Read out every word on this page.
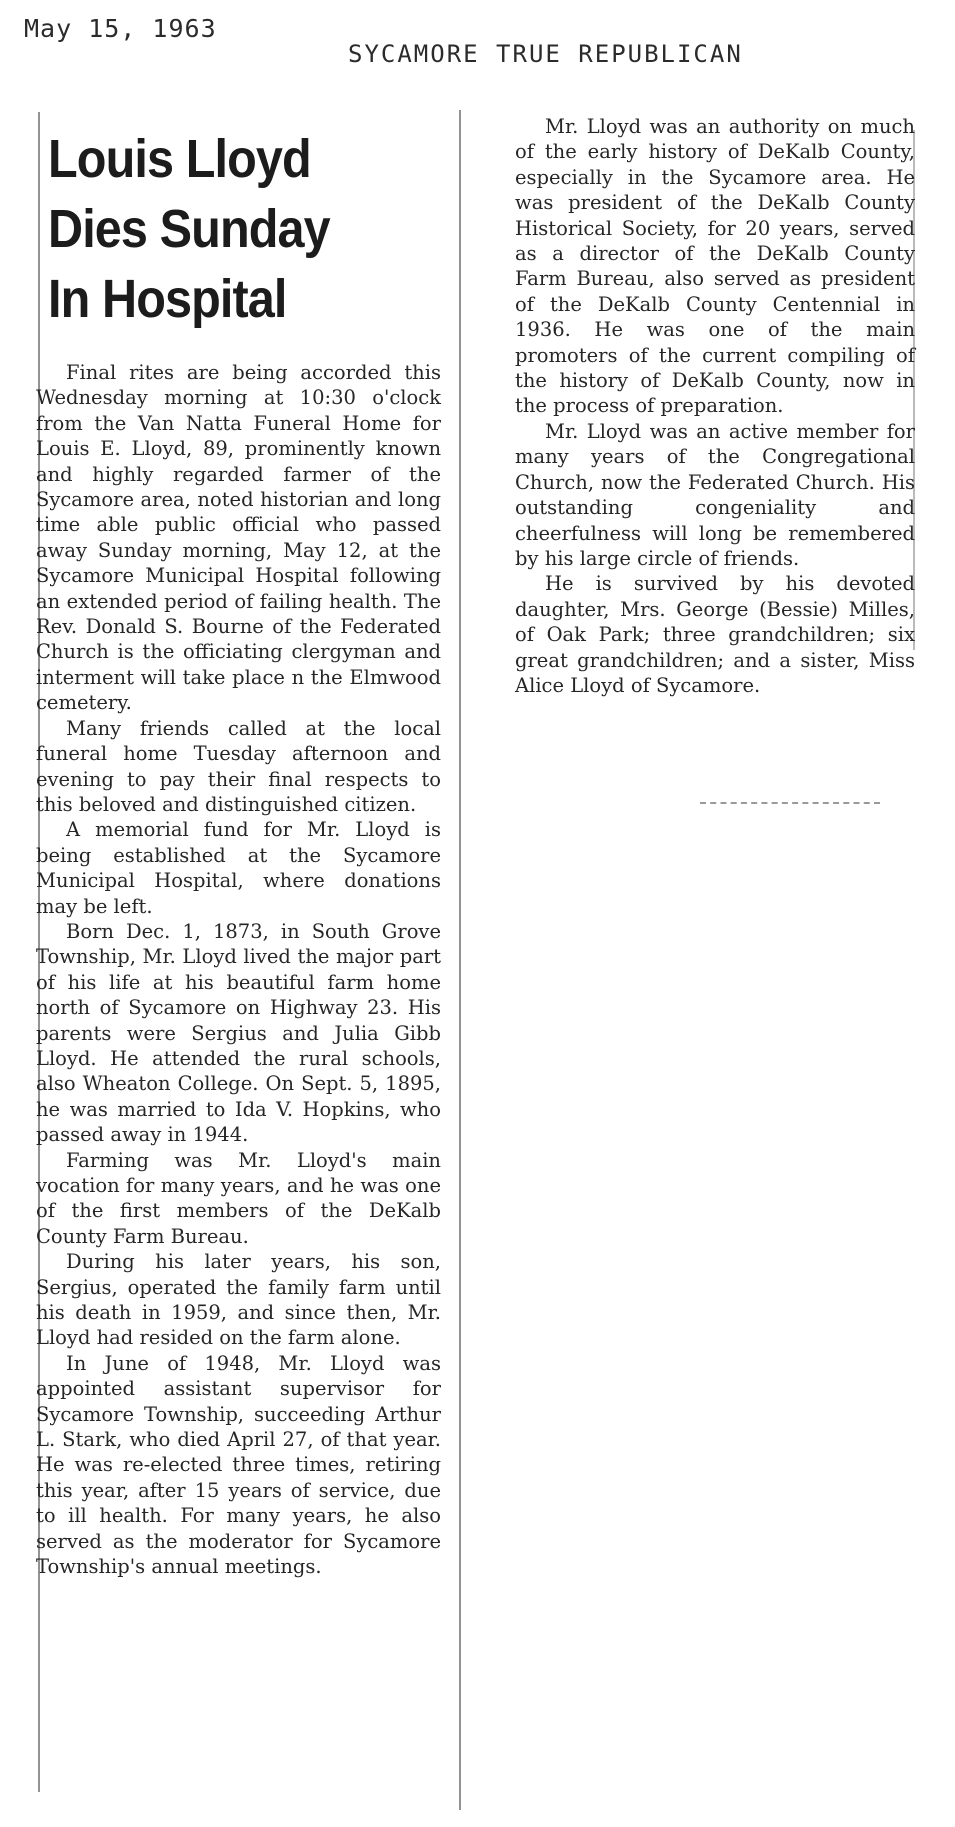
May 15, 1963
SYCAMORE TRUE REPUBLICAN
Louis Lloyd
Dies Sunday
In Hospital

Final rites are being accorded this Wednesday morning at 10:30 o'clock from the Van Natta Funeral Home for Louis E. Lloyd, 89, prominently known and highly regarded farmer of the Sycamore area, noted historian and long time able public official who passed away Sunday morning, May 12, at the Sycamore Municipal Hospital following an extended period of failing health. The Rev. Donald S. Bourne of the Federated Church is the officiating clergyman and interment will take place n the Elmwood cemetery.

Many friends called at the local funeral home Tuesday afternoon and evening to pay their final respects to this beloved and distinguished citizen.

A memorial fund for Mr. Lloyd is being established at the Sycamore Municipal Hospital, where donations may be left.

Born Dec. 1, 1873, in South Grove Township, Mr. Lloyd lived the major part of his life at his beautiful farm home north of Sycamore on Highway 23. His parents were Sergius and Julia Gibb Lloyd. He attended the rural schools, also Wheaton College. On Sept. 5, 1895, he was married to Ida V. Hopkins, who passed away in 1944.

Farming was Mr. Lloyd's main vocation for many years, and he was one of the first members of the DeKalb County Farm Bureau.

During his later years, his son, Sergius, operated the family farm until his death in 1959, and since then, Mr. Lloyd had resided on the farm alone.

In June of 1948, Mr. Lloyd was appointed assistant supervisor for Sycamore Township, succeeding Arthur L. Stark, who died April 27, of that year. He was re-elected three times, retiring this year, after 15 years of service, due to ill health. For many years, he also served as the moderator for Sycamore Township's annual meetings.

Mr. Lloyd was an authority on much of the early history of DeKalb County, especially in the Sycamore area. He was president of the DeKalb County Historical Society, for 20 years, served as a director of the DeKalb County Farm Bureau, also served as president of the DeKalb County Centennial in 1936. He was one of the main promoters of the current compiling of the history of DeKalb County, now in the process of preparation.

Mr. Lloyd was an active member for many years of the Congregational Church, now the Federated Church. His outstanding congeniality and cheerfulness will long be remembered by his large circle of friends.

He is survived by his devoted daughter, Mrs. George (Bessie) Milles, of Oak Park; three grandchildren; six great grandchildren; and a sister, Miss Alice Lloyd of Sycamore.
